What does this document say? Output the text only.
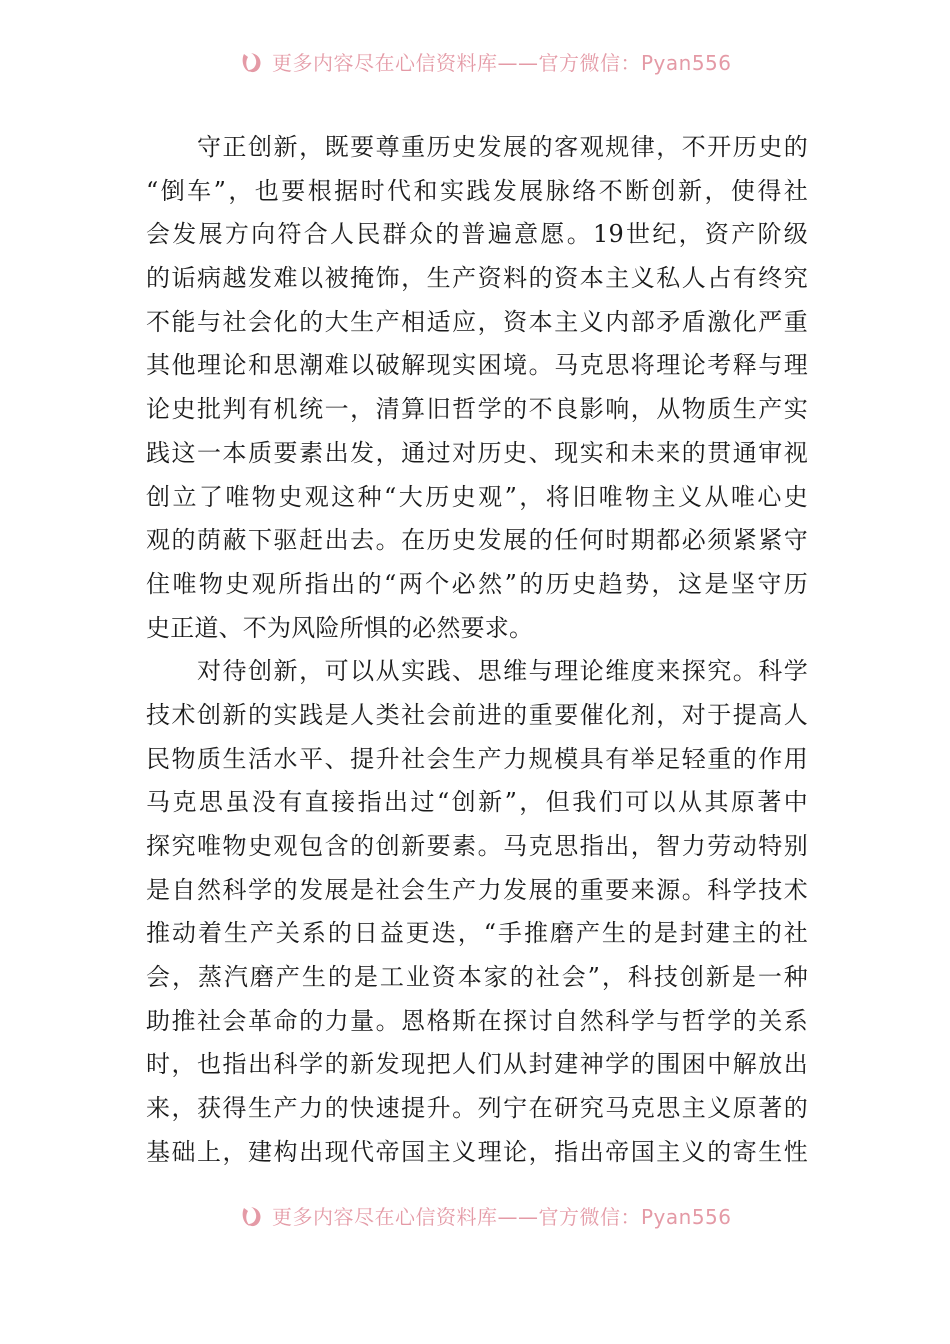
更多内容尽在心信资料库——官方微信：Pyan556
　　守正创新，既要尊重历史发展的客观规律，不开历史的
“倒车”，也要根据时代和实践发展脉络不断创新，使得社
会发展方向符合人民群众的普遍意愿。19世纪，资产阶级
的诟病越发难以被掩饰，生产资料的资本主义私人占有终究
不能与社会化的大生产相适应，资本主义内部矛盾激化严重
其他理论和思潮难以破解现实困境。马克思将理论考释与理
论史批判有机统一，清算旧哲学的不良影响，从物质生产实
践这一本质要素出发，通过对历史、现实和未来的贯通审视
创立了唯物史观这种“大历史观”，将旧唯物主义从唯心史
观的荫蔽下驱赶出去。在历史发展的任何时期都必须紧紧守
住唯物史观所指出的“两个必然”的历史趋势，这是坚守历
史正道、不为风险所惧的必然要求。
　　对待创新，可以从实践、思维与理论维度来探究。科学
技术创新的实践是人类社会前进的重要催化剂，对于提高人
民物质生活水平、提升社会生产力规模具有举足轻重的作用
马克思虽没有直接指出过“创新”，但我们可以从其原著中
探究唯物史观包含的创新要素。马克思指出，智力劳动特别
是自然科学的发展是社会生产力发展的重要来源。科学技术
推动着生产关系的日益更迭，“手推磨产生的是封建主的社
会，蒸汽磨产生的是工业资本家的社会”，科技创新是一种
助推社会革命的力量。恩格斯在探讨自然科学与哲学的关系
时，也指出科学的新发现把人们从封建神学的围困中解放出
来，获得生产力的快速提升。列宁在研究马克思主义原著的
基础上，建构出现代帝国主义理论，指出帝国主义的寄生性
更多内容尽在心信资料库——官方微信：Pyan556
